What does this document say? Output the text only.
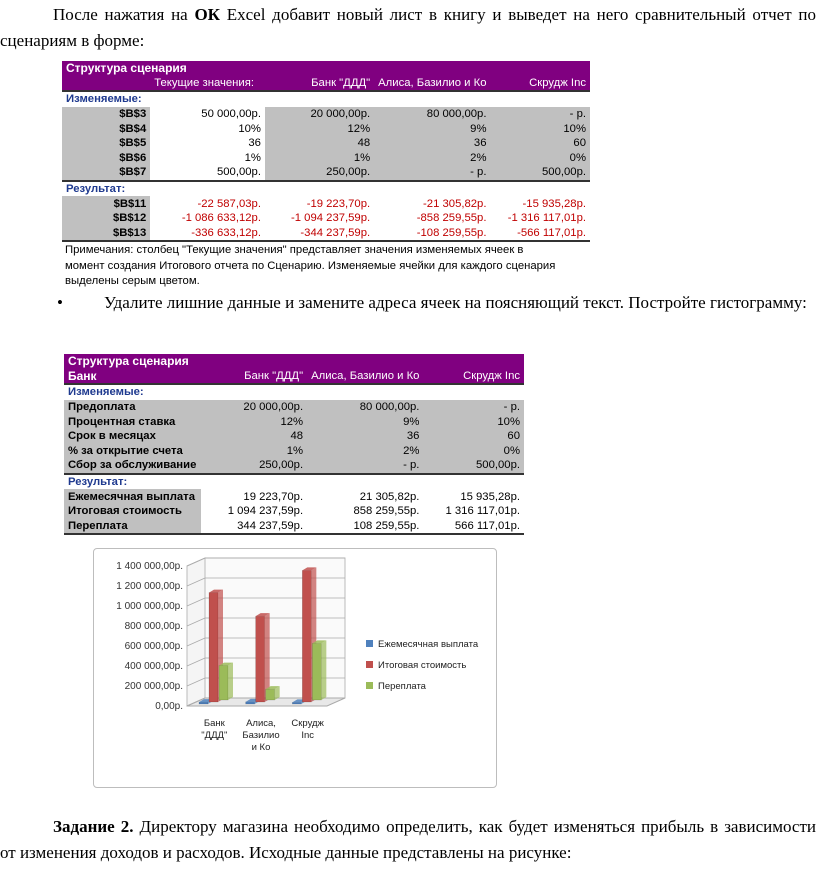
После нажатия на ОК Excel добавит новый лист в книгу и выведет на него сравнительный отчет по сценариям в форме:
Структура сценария				
	Текущие значения:	Банк "ДДД"	Алиса, Базилио и Ко	Скрудж Inc
Изменяемые:				
$B$3	50 000,00р.	20 000,00р.	80 000,00р.	- р.
$B$4	10%	12%	9%	10%
$B$5	36	48	36	60
$B$6	1%	1%	2%	0%
$B$7	500,00р.	250,00р.	- р.	500,00р.
Результат:				
$B$11	-22 587,03р.	-19 223,70р.	-21 305,82р.	-15 935,28р.
$B$12	-1 086 633,12р.	-1 094 237,59р.	-858 259,55р.	-1 316 117,01р.
$B$13	-336 633,12р.	-344 237,59р.	-108 259,55р.	-566 117,01р.
Примечания: столбец "Текущие значения" представляет значения изменяемых ячеек в момент создания Итогового отчета по Сценарию. Изменяемые ячейки для каждого сценария выделены серым цветом.
•	Удалите лишние данные и замените адреса ячеек на поясняющий текст. Постройте гистограмму:
Структура сценария			
Банк	Банк "ДДД"	Алиса, Базилио и Ко	Скрудж Inc
Изменяемые:			
Предоплата	20 000,00р.	80 000,00р.	- р.
Процентная ставка	12%	9%	10%
Срок в месяцах	48	36	60
% за открытие счета	1%	2%	0%
Сбор за обслуживание	250,00р.	- р.	500,00р.
Результат:			
Ежемесячная выплата	19 223,70р.	21 305,82р.	15 935,28р.
Итоговая стоимость	1 094 237,59р.	858 259,55р.	1 316 117,01р.
Переплата	344 237,59р.	108 259,55р.	566 117,01р.
0,00р.
200 000,00р.
400 000,00р.
600 000,00р.
800 000,00р.
1 000 000,00р.
1 200 000,00р.
1 400 000,00р.
Банк
"ДДД"
Алиса,
Базилио
и Ко
Скрудж
Inc
Ежемесячная выплата
Итоговая стоимость
Переплата
Задание 2. Директору магазина необходимо определить, как будет изменяться прибыль в зависимости от изменения доходов и расходов. Исходные данные представлены на рисунке:
